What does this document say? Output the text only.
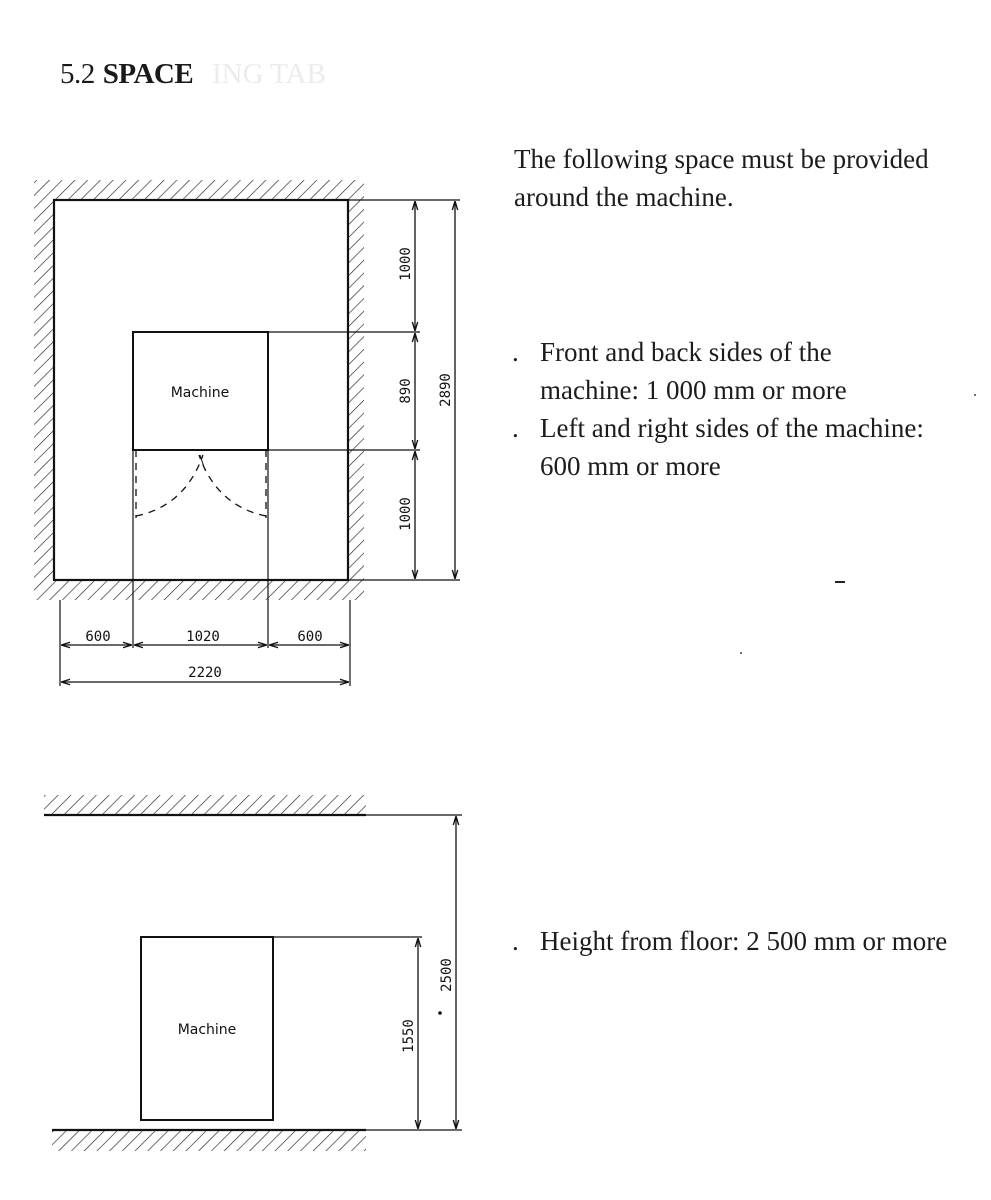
ING TAB
5.2 SPACE
The following space must be provided around the machine.
. Front and back sides of the machine: 1 000 mm or more
. Left and right sides of the machine: 600 mm or more
. Height from floor: 2 500 mm or more
Machine
1000
890
1000
2890
600	1020	600
2220
Machine	1550
2500
